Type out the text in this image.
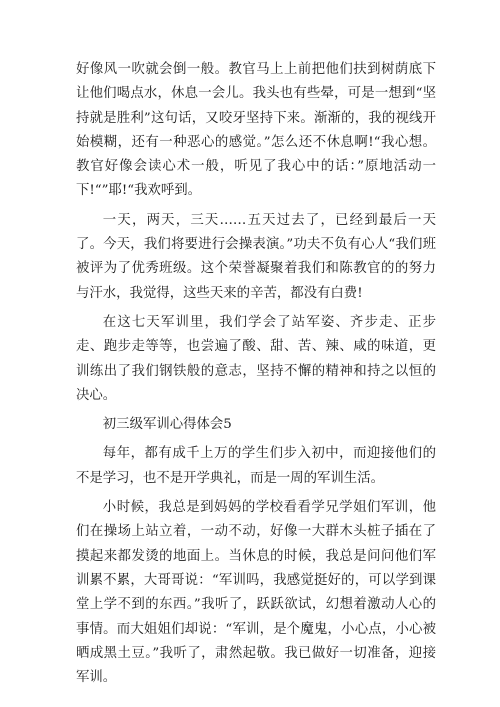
好像风一吹就会倒一般。教官马上上前把他们扶到树荫底下让他们喝点水，休息一会儿。我头也有些晕，可是一想到“坚持就是胜利”这句话，又咬牙坚持下来。渐渐的，我的视线开始模糊，还有一种恶心的感觉。”怎么还不休息啊!“我心想。教官好像会读心术一般，听见了我心中的话：”原地活动一下!“”耶!“我欢呼到。

一天，两天，三天……五天过去了，已经到最后一天了。今天，我们将要进行会操表演。”功夫不负有心人“我们班被评为了优秀班级。这个荣誉凝聚着我们和陈教官的的努力与汗水，我觉得，这些天来的辛苦，都没有白费!

在这七天军训里，我们学会了站军姿、齐步走、正步走、跑步走等等，也尝遍了酸、甜、苦、辣、咸的味道，更训练出了我们钢铁般的意志，坚持不懈的精神和持之以恒的决心。

初三级军训心得体会5

每年，都有成千上万的学生们步入初中，而迎接他们的不是学习，也不是开学典礼，而是一周的军训生活。

小时候，我总是到妈妈的学校看看学兄学姐们军训，他们在操场上站立着，一动不动，好像一大群木头桩子插在了摸起来都发烫的地面上。当休息的时候，我总是问问他们军训累不累，大哥哥说：“军训吗，我感觉挺好的，可以学到课堂上学不到的东西。”我听了，跃跃欲试，幻想着激动人心的事情。而大姐姐们却说：“军训，是个魔鬼，小心点，小心被晒成黑土豆。”我听了，肃然起敬。我已做好一切准备，迎接军训。
